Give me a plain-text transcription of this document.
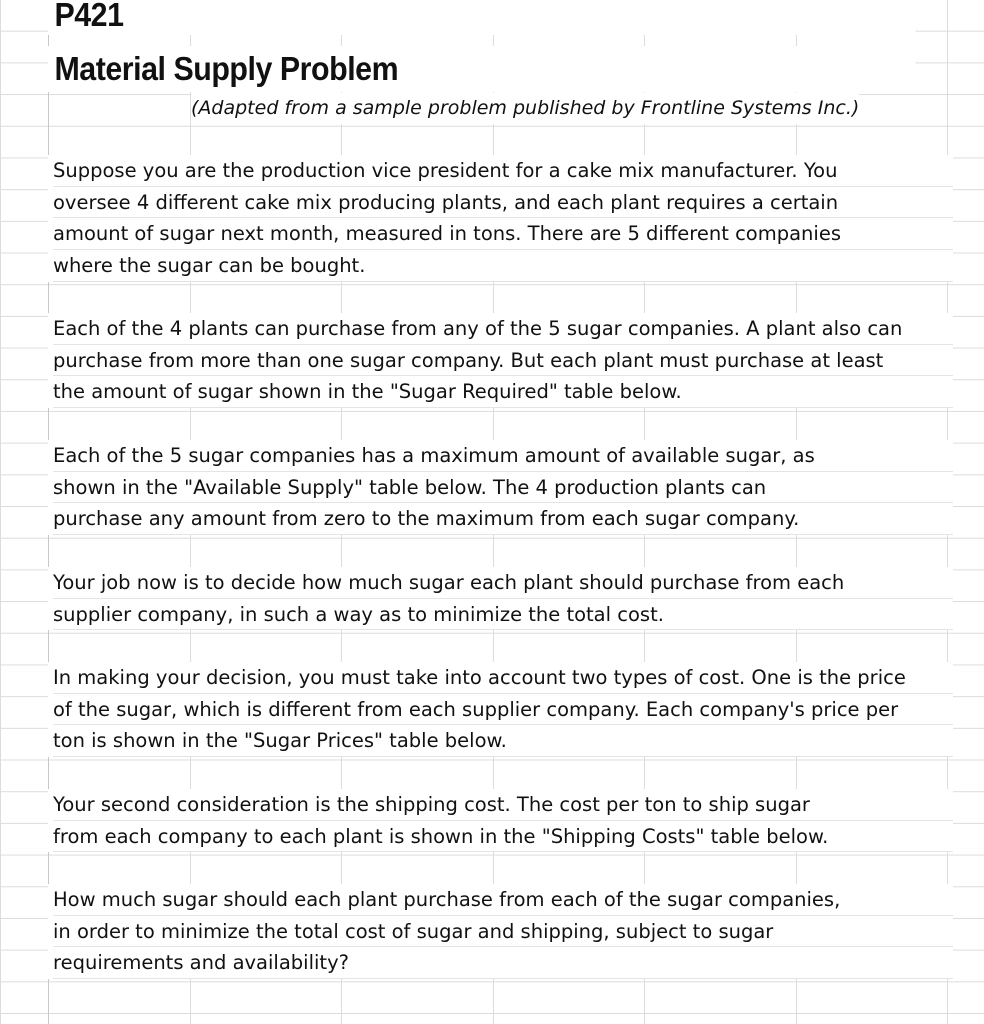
P421
Material Supply Problem
(Adapted from a sample problem published by Frontline Systems Inc.)
Suppose you are the production vice president for a cake mix manufacturer. You
oversee 4 different cake mix producing plants, and each plant requires a certain
amount of sugar next month, measured in tons. There are 5 different companies
where the sugar can be bought.
Each of the 4 plants can purchase from any of the 5 sugar companies. A plant also can
purchase from more than one sugar company. But each plant must purchase at least
the amount of sugar shown in the "Sugar Required" table below.
Each of the 5 sugar companies has a maximum amount of available sugar, as
shown in the "Available Supply" table below. The 4 production plants can
purchase any amount from zero to the maximum from each sugar company.
Your job now is to decide how much sugar each plant should purchase from each
supplier company, in such a way as to minimize the total cost.
In making your decision, you must take into account two types of cost. One is the price
of the sugar, which is different from each supplier company. Each company's price per
ton is shown in the "Sugar Prices" table below.
Your second consideration is the shipping cost. The cost per ton to ship sugar
from each company to each plant is shown in the "Shipping Costs" table below.
How much sugar should each plant purchase from each of the sugar companies,
in order to minimize the total cost of sugar and shipping, subject to sugar
requirements and availability?
